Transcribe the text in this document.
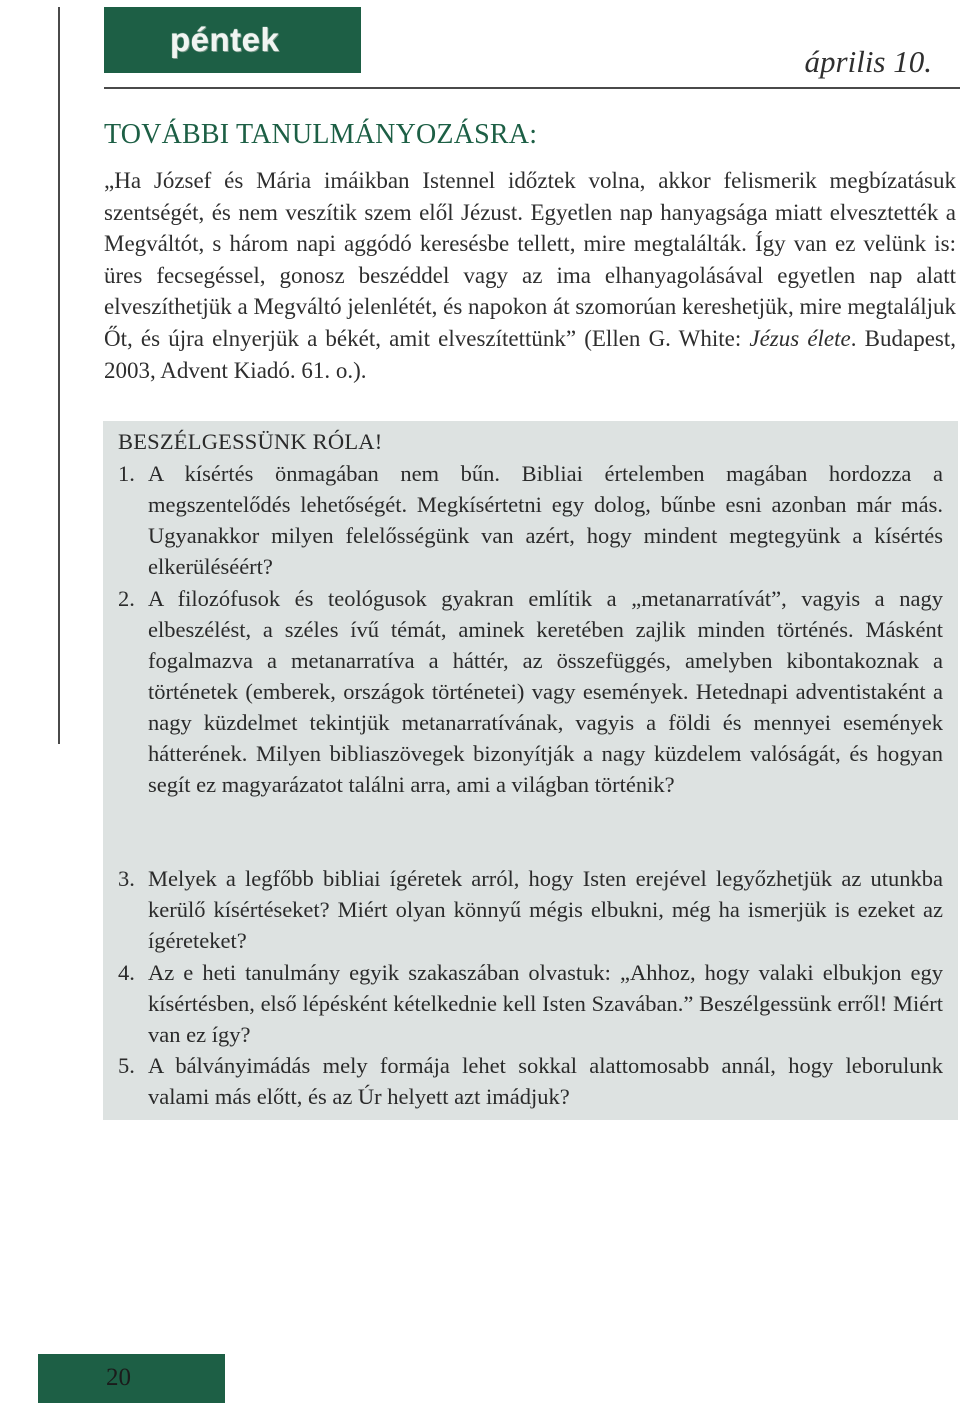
péntek
április 10.
TOVÁBBI TANULMÁNYOZÁSRA:

„Ha József és Mária imáikban Istennel időztek volna, akkor felismerik megbízatásuk szentségét, és nem veszítik szem elől Jézust. Egyetlen nap hanyagsága miatt elvesztették a Megváltót, s három napi aggódó keresésbe tellett, mire megtalálták. Így van ez velünk is: üres fecsegéssel, gonosz beszéddel vagy az ima elhanyagolásával egyetlen nap alatt elveszíthetjük a Megváltó jelenlétét, és napokon át szomorúan kereshetjük, mire megtaláljuk Őt, és újra elnyerjük a békét, amit elveszítettünk” (Ellen G. White: Jézus élete. Budapest, 2003, Advent Kiadó. 61. o.).

BESZÉLGESSÜNK RÓLA!
1. A kísértés önmagában nem bűn. Bibliai értelemben magában hordozza a megszentelődés lehetőségét. Megkísértetni egy dolog, bűnbe esni azonban már más. Ugyanakkor milyen felelősségünk van azért, hogy mindent megtegyünk a kísértés elkerüléséért?

2. A filozófusok és teológusok gyakran említik a „metanarratívát”, vagyis a nagy elbeszélést, a széles ívű témát, aminek keretében zajlik minden történés. Másként fogalmazva a metanarratíva a háttér, az összefüggés, amelyben kibontakoznak a történetek (emberek, országok történetei) vagy események. Hetednapi adventistaként a nagy küzdelmet tekintjük metanarratívának, vagyis a földi és mennyei események hátterének. Milyen bibliaszövegek bizonyítják a nagy küzdelem valóságát, és hogyan segít ez magyarázatot találni arra, ami a világban történik?

3. Melyek a legfőbb bibliai ígéretek arról, hogy Isten erejével legyőzhetjük az utunkba kerülő kísértéseket? Miért olyan könnyű mégis elbukni, még ha ismerjük is ezeket az ígéreteket?

4. Az e heti tanulmány egyik szakaszában olvastuk: „Ahhoz, hogy valaki elbukjon egy kísértésben, első lépésként kételkednie kell Isten Szavában.” Beszélgessünk erről! Miért van ez így?

5. A bálványimádás mely formája lehet sokkal alattomosabb annál, hogy leborulunk valami más előtt, és az Úr helyett azt imádjuk?

20
